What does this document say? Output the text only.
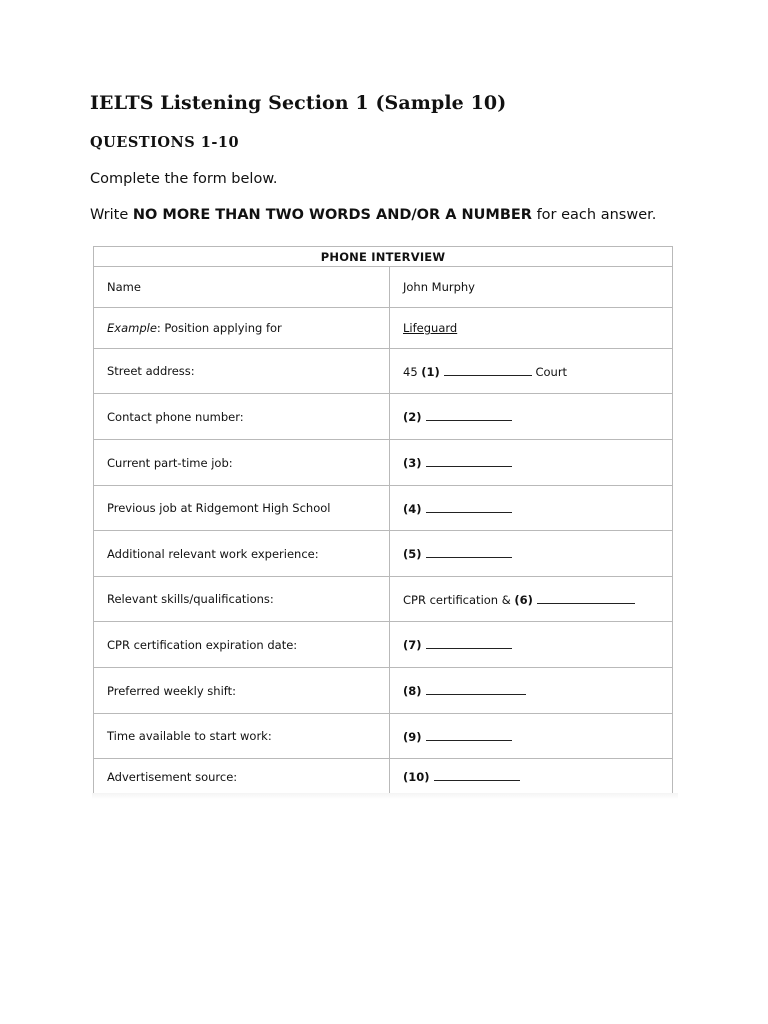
IELTS Listening Section 1 (Sample 10)
QUESTIONS 1-10

Complete the form below.

Write NO MORE THAN TWO WORDS AND/OR A NUMBER for each answer.

PHONE INTERVIEW	
Name	John Murphy
Example: Position applying for	Lifeguard
Street address:	45 (1) Court
Contact phone number:	(2)
Current part-time job:	(3)
Previous job at Ridgemont High School	(4)
Additional relevant work experience:	(5)
Relevant skills/qualifications:	CPR certification & (6)
CPR certification expiration date:	(7)
Preferred weekly shift:	(8)
Time available to start work:	(9)
Advertisement source:	(10)
